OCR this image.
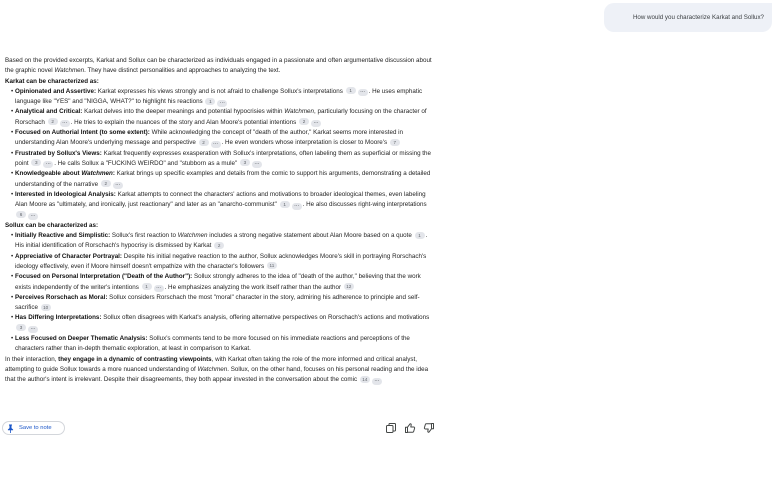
How would you characterize Karkat and Sollux?

Based on the provided excerpts, Karkat and Sollux can be characterized as individuals engaged in a passionate and often argumentative discussion about the graphic novel Watchmen. They have distinct personalities and approaches to analyzing the text.

Karkat can be characterized as:

• Opinionated and Assertive: Karkat expresses his views strongly and is not afraid to challenge Sollux's interpretations 1 ... . He uses emphatic language like "YES" and "NIGGA, WHAT?" to highlight his reactions 1 ...
• Analytical and Critical: Karkat delves into the deeper meanings and potential hypocrisies within Watchmen, particularly focusing on the character of Rorschach 2 ... . He tries to explain the nuances of the story and Alan Moore's potential intentions 2 ...
• Focused on Authorial Intent (to some extent): While acknowledging the concept of "death of the author," Karkat seems more interested in understanding Alan Moore's underlying message and perspective 2 ... . He even wonders whose interpretation is closer to Moore's 7
• Frustrated by Sollux's Views: Karkat frequently expresses exasperation with Sollux's interpretations, often labeling them as superficial or missing the point 3 ... . He calls Sollux a "FUCKING WEIRDO" and "stubborn as a mule" 3 ...
• Knowledgeable about Watchmen: Karkat brings up specific examples and details from the comic to support his arguments, demonstrating a detailed understanding of the narrative 2 ...
• Interested in Ideological Analysis: Karkat attempts to connect the characters' actions and motivations to broader ideological themes, even labeling Alan Moore as "ultimately, and ironically, just reactionary" and later as an "anarcho-communist" 1 ... . He also discusses right-wing interpretations 6 ...

Sollux can be characterized as:

• Initially Reactive and Simplistic: Sollux's first reaction to Watchmen includes a strong negative statement about Alan Moore based on a quote 1 . His initial identification of Rorschach's hypocrisy is dismissed by Karkat 2
• Appreciative of Character Portrayal: Despite his initial negative reaction to the author, Sollux acknowledges Moore's skill in portraying Rorschach's ideology effectively, even if Moore himself doesn't empathize with the character's followers 11
• Focused on Personal Interpretation ("Death of the Author"): Sollux strongly adheres to the idea of "death of the author," believing that the work exists independently of the writer's intentions 1 ... . He emphasizes analyzing the work itself rather than the author 12
• Perceives Rorschach as Moral: Sollux considers Rorschach the most "moral" character in the story, admiring his adherence to principle and self-sacrifice 10
• Has Differing Interpretations: Sollux often disagrees with Karkat's analysis, offering alternative perspectives on Rorschach's actions and motivations 3 ...
• Less Focused on Deeper Thematic Analysis: Sollux's comments tend to be more focused on his immediate reactions and perceptions of the characters rather than in-depth thematic exploration, at least in comparison to Karkat.

In their interaction, they engage in a dynamic of contrasting viewpoints, with Karkat often taking the role of the more informed and critical analyst, attempting to guide Sollux towards a more nuanced understanding of Watchmen. Sollux, on the other hand, focuses on his personal reading and the idea that the author's intent is irrelevant. Despite their disagreements, they both appear invested in the conversation about the comic 14 ...

Save to note
